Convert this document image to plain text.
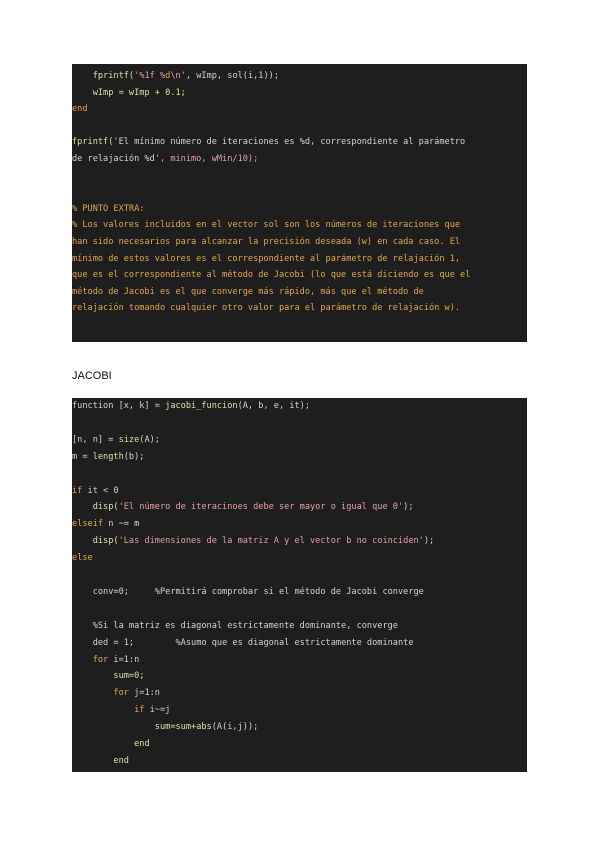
fprintf('%1f %d\n', wImp, sol(i,1));
wImp = wImp + 0.1;
end
fprintf('El mínimo número de iteraciones es %d, correspondiente al parámetro
de relajación %d', minimo, wMin/10);
% PUNTO EXTRA:
% Los valores incluidos en el vector sol son los números de iteraciones que
han sido necesarios para alcanzar la precisión deseada (w) en cada caso. El
mínimo de estos valores es el correspondiente al parámetro de relajación 1,
que es el correspondiente al método de Jacobi (lo que está diciendo es que el
método de Jacobi es el que converge más rápido, más que el método de
relajación tomando cualquier otro valor para el parámetro de relajación w).
JACOBI
function [x, k] = jacobi_funcion(A, b, e, it);
[n, n] = size(A);
m = length(b);
if it < 0
disp('El número de iteracinoes debe ser mayor o igual que 0');
elseif n ~= m
disp('Las dimensiones de la matriz A y el vector b no coinciden');
else
conv=0;     %Permitirá comprobar si el método de Jacobi converge
%Si la matriz es diagonal estrictamente dominante, converge
ded = 1;        %Asumo que es diagonal estrictamente dominante
for i=1:n
sum=0;
for j=1:n
if i~=j
sum=sum+abs(A(i,j));
end
end
